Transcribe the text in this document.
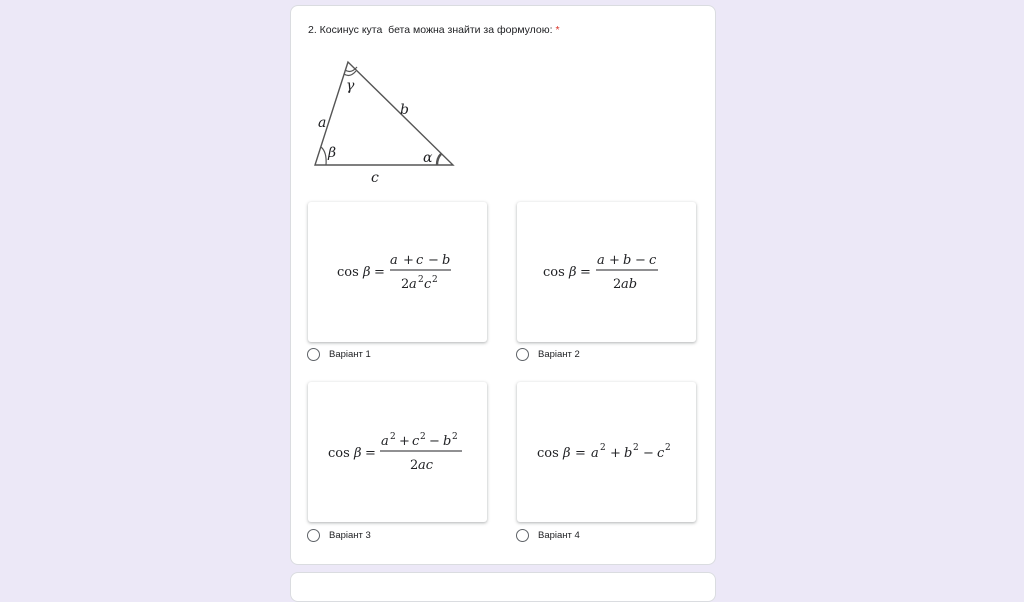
2. Косинус кута  бета можна знайти за формулою: *
a
b
c
α
β
γ
cos β =
a + c − b
2 a 2 c 2
Варіант 1
cos β =
a + b − c
2 ab
Варіант 2
cos β =
a 2 + c 2 − b 2
2 ac
Варіант 3
cos β = a 2 + b 2 − c 2
Варіант 4
